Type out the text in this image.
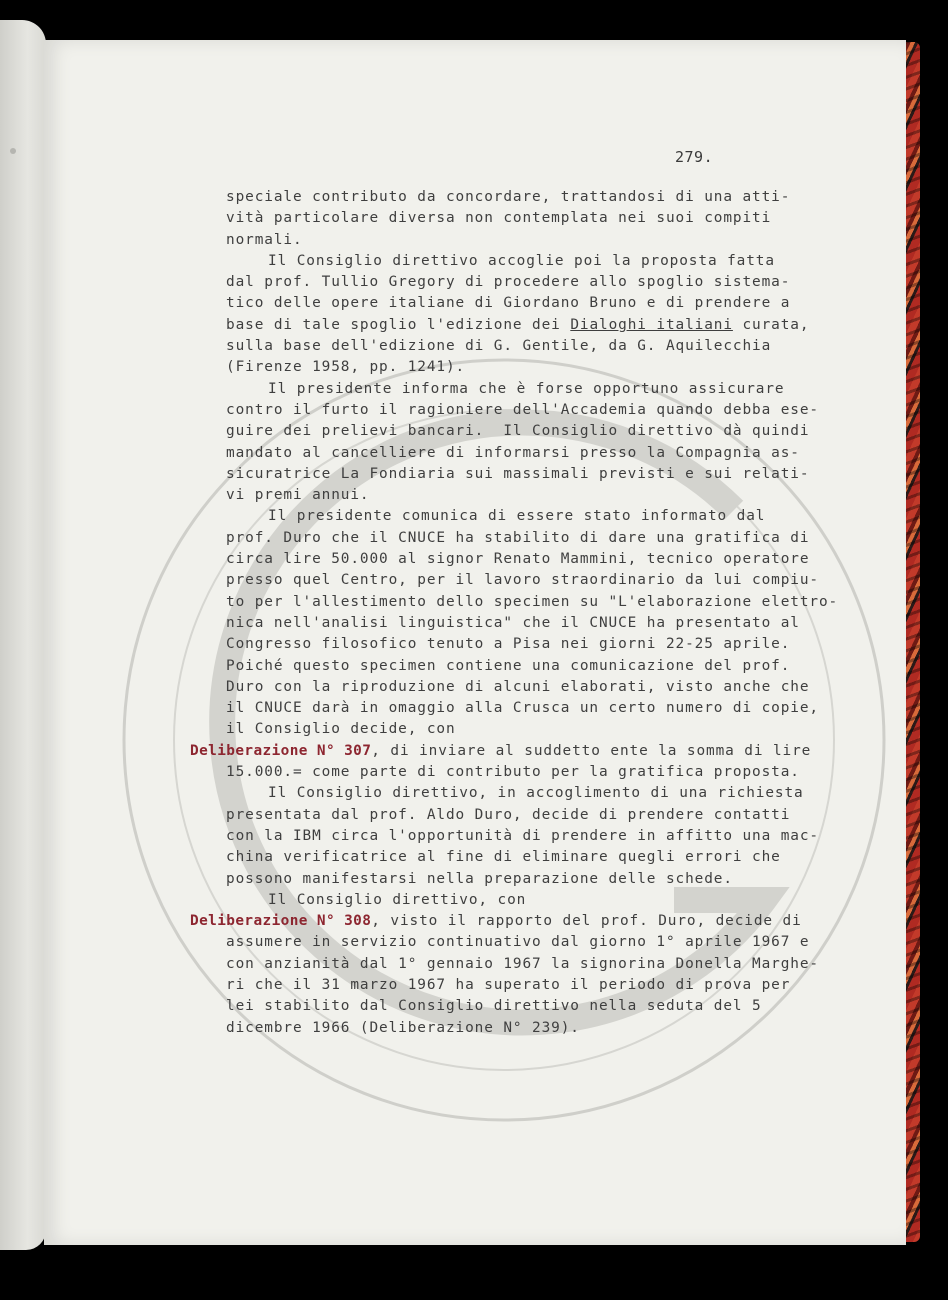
279.
speciale contributo da concordare, trattandosi di una atti-
vità particolare diversa non contemplata nei suoi compiti
normali.
Il Consiglio direttivo accoglie poi la proposta fatta
dal prof. Tullio Gregory di procedere allo spoglio sistema-
tico delle opere italiane di Giordano Bruno e di prendere a
base di tale spoglio l'edizione dei Dialoghi italiani curata,
sulla base dell'edizione di G. Gentile, da G. Aquilecchia
(Firenze 1958, pp. 1241).
Il presidente informa che è forse opportuno assicurare
contro il furto il ragioniere dell'Accademia quando debba ese-
guire dei prelievi bancari.  Il Consiglio direttivo dà quindi
mandato al cancelliere di informarsi presso la Compagnia as-
sicuratrice La Fondiaria sui massimali previsti e sui relati-
vi premi annui.
Il presidente comunica di essere stato informato dal
prof. Duro che il CNUCE ha stabilito di dare una gratifica di
circa lire 50.000 al signor Renato Mammini, tecnico operatore
presso quel Centro, per il lavoro straordinario da lui compiu-
to per l'allestimento dello specimen su "L'elaborazione elettro-
nica nell'analisi linguistica" che il CNUCE ha presentato al
Congresso filosofico tenuto a Pisa nei giorni 22-25 aprile.
Poiché questo specimen contiene una comunicazione del prof.
Duro con la riproduzione di alcuni elaborati, visto anche che
il CNUCE darà in omaggio alla Crusca un certo numero di copie,
il Consiglio decide, con
Deliberazione N° 307, di inviare al suddetto ente la somma di lire
15.000.= come parte di contributo per la gratifica proposta.
Il Consiglio direttivo, in accoglimento di una richiesta
presentata dal prof. Aldo Duro, decide di prendere contatti
con la IBM circa l'opportunità di prendere in affitto una mac-
china verificatrice al fine di eliminare quegli errori che
possono manifestarsi nella preparazione delle schede.
Il Consiglio direttivo, con
Deliberazione N° 308, visto il rapporto del prof. Duro, decide di
assumere in servizio continuativo dal giorno 1° aprile 1967 e
con anzianità dal 1° gennaio 1967 la signorina Donella Marghe-
ri che il 31 marzo 1967 ha superato il periodo di prova per
lei stabilito dal Consiglio direttivo nella seduta del 5
dicembre 1966 (Deliberazione N° 239).
